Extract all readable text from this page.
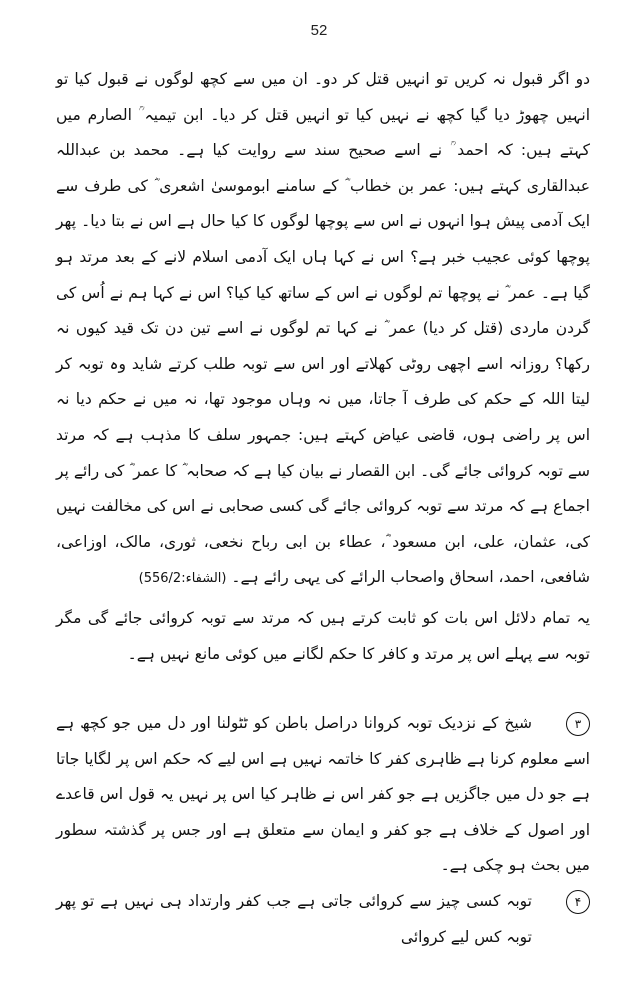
52
دو اگر قبول نہ کریں تو انہیں قتل کر دو۔ ان میں سے کچھ لوگوں نے قبول کیا تو انہیں چھوڑ دیا گیا کچھ نے نہیں کیا تو انہیں قتل کر دیا۔ ابن تیمیہ ؒ الصارم میں کہتے ہیں: کہ احمد ؒ نے اسے صحیح سند سے روایت کیا ہے۔ محمد بن عبداللہ عبدالقاری کہتے ہیں: عمر بن خطاب ؓ کے سامنے ابوموسیٰ اشعری ؓ کی طرف سے ایک آدمی پیش ہوا انہوں نے اس سے پوچھا لوگوں کا کیا حال ہے اس نے بتا دیا۔ پھر پوچھا کوئی عجیب خبر ہے؟ اس نے کہا ہاں ایک آدمی اسلام لانے کے بعد مرتد ہو گیا ہے۔ عمر ؓ نے پوچھا تم لوگوں نے اس کے ساتھ کیا کیا؟ اس نے کہا ہم نے اُس کی گردن ماردی (قتل کر دیا) عمر ؓ نے کہا تم لوگوں نے اسے تین دن تک قید کیوں نہ رکھا؟ روزانہ اسے اچھی روٹی کھلاتے اور اس سے توبہ طلب کرتے شاید وہ توبہ کر لیتا اللہ کے حکم کی طرف آ جاتا، میں نہ وہاں موجود تھا، نہ میں نے حکم دیا نہ اس پر راضی ہوں، قاضی عیاض کہتے ہیں: جمہور سلف کا مذہب ہے کہ مرتد سے توبہ کروائی جائے گی۔ ابن القصار نے بیان کیا ہے کہ صحابہ ؓ کا عمر ؓ کی رائے پر اجماع ہے کہ مرتد سے توبہ کروائی جائے گی کسی صحابی نے اس کی مخالفت نہیں کی، عثمان، علی، ابن مسعود ؓ، عطاء بن ابی رباح نخعی، ثوری، مالک، اوزاعی، شافعی، احمد، اسحاق واصحاب الرائے کی یہی رائے ہے۔ (الشفاء:556/2)
یہ تمام دلائل اس بات کو ثابت کرتے ہیں کہ مرتد سے توبہ کروائی جائے گی مگر توبہ سے پہلے اس پر مرتد و کافر کا حکم لگانے میں کوئی مانع نہیں ہے۔
۳
شیخ کے نزدیک توبہ کروانا دراصل باطن کو ٹٹولنا اور دل میں جو کچھ ہے اسے معلوم کرنا ہے ظاہری کفر کا خاتمہ نہیں ہے اس لیے کہ حکم اس پر لگایا جاتا ہے جو دل میں جاگزیں ہے جو کفر اس نے ظاہر کیا اس پر نہیں یہ قول اس قاعدے اور اصول کے خلاف ہے جو کفر و ایمان سے متعلق ہے اور جس پر گذشتہ سطور میں بحث ہو چکی ہے۔
۴
توبہ کسی چیز سے کروائی جاتی ہے جب کفر وارتداد ہی نہیں ہے تو پھر توبہ کس لیے کروائی
